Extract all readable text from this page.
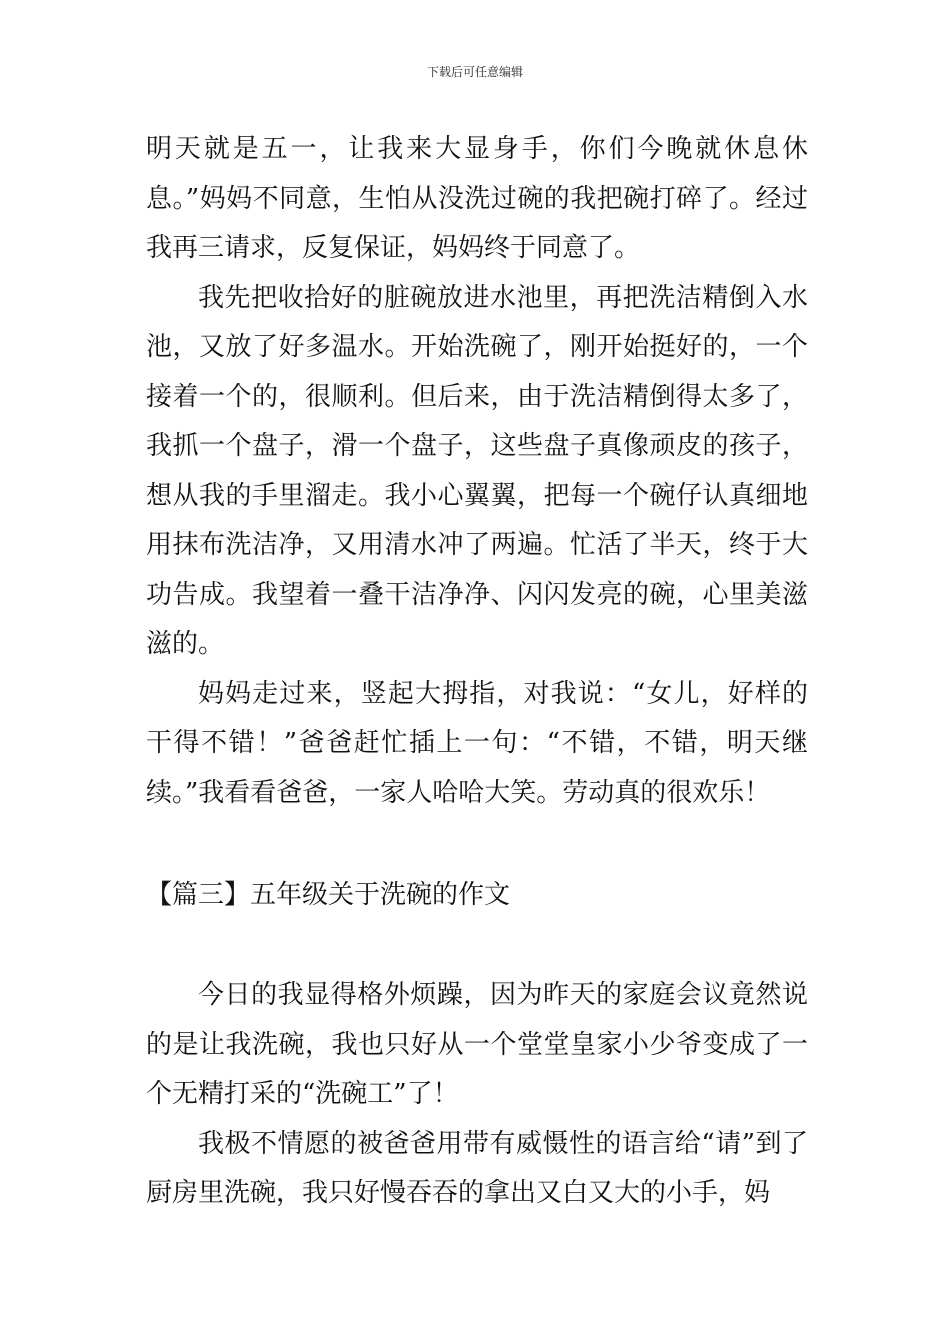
下载后可任意编辑

明天就是五一，让我来大显身手，你们今晚就休息休息。”妈妈不同意，生怕从没洗过碗的我把碗打碎了。经过我再三请求，反复保证，妈妈终于同意了。

我先把收拾好的脏碗放进水池里，再把洗洁精倒入水池，又放了好多温水。开始洗碗了，刚开始挺好的，一个接着一个的，很顺利。但后来，由于洗洁精倒得太多了，我抓一个盘子，滑一个盘子，这些盘子真像顽皮的孩子，想从我的手里溜走。我小心翼翼，把每一个碗仔认真细地用抹布洗洁净，又用清水冲了两遍。忙活了半天，终于大功告成。我望着一叠干洁净净、闪闪发亮的碗，心里美滋滋的。

妈妈走过来，竖起大拇指，对我说：“女儿，好样的干得不错！”爸爸赶忙插上一句：“不错，不错，明天继续。”我看看爸爸，一家人哈哈大笑。劳动真的很欢乐！

【篇三】五年级关于洗碗的作文

今日的我显得格外烦躁，因为昨天的家庭会议竟然说的是让我洗碗，我也只好从一个堂堂皇家小少爷变成了一个无精打采的“洗碗工”了！

我极不情愿的被爸爸用带有威慑性的语言给“请”到了厨房里洗碗，我只好慢吞吞的拿出又白又大的小手，妈
